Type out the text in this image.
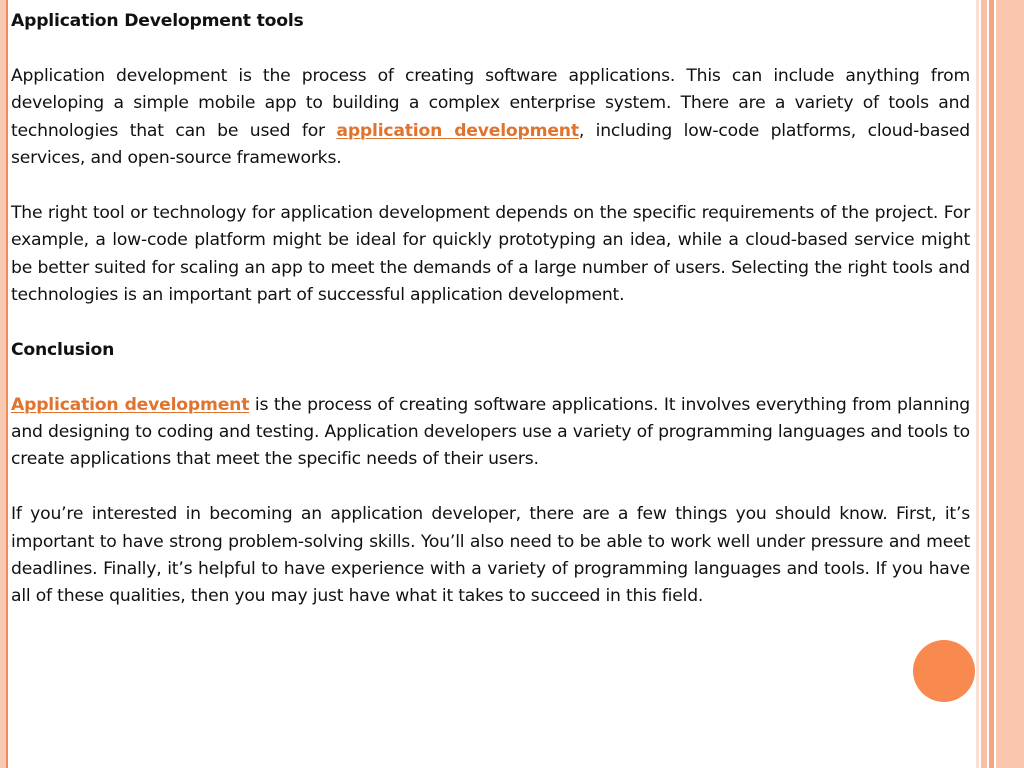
Application Development tools

Application development is the process of creating software applications. This can include anything from developing a simple mobile app to building a complex enterprise system. There are a variety of tools and technologies that can be used for application development, including low-code platforms, cloud-based services, and open-source frameworks.

The right tool or technology for application development depends on the specific requirements of the project. For example, a low-code platform might be ideal for quickly prototyping an idea, while a cloud-based service might be better suited for scaling an app to meet the demands of a large number of users. Selecting the right tools and technologies is an important part of successful application development.

Conclusion

Application development is the process of creating software applications. It involves everything from planning and designing to coding and testing. Application developers use a variety of programming languages and tools to create applications that meet the specific needs of their users.

If you’re interested in becoming an application developer, there are a few things you should know. First, it’s important to have strong problem-solving skills. You’ll also need to be able to work well under pressure and meet deadlines. Finally, it’s helpful to have experience with a variety of programming languages and tools. If you have all of these qualities, then you may just have what it takes to succeed in this field.
